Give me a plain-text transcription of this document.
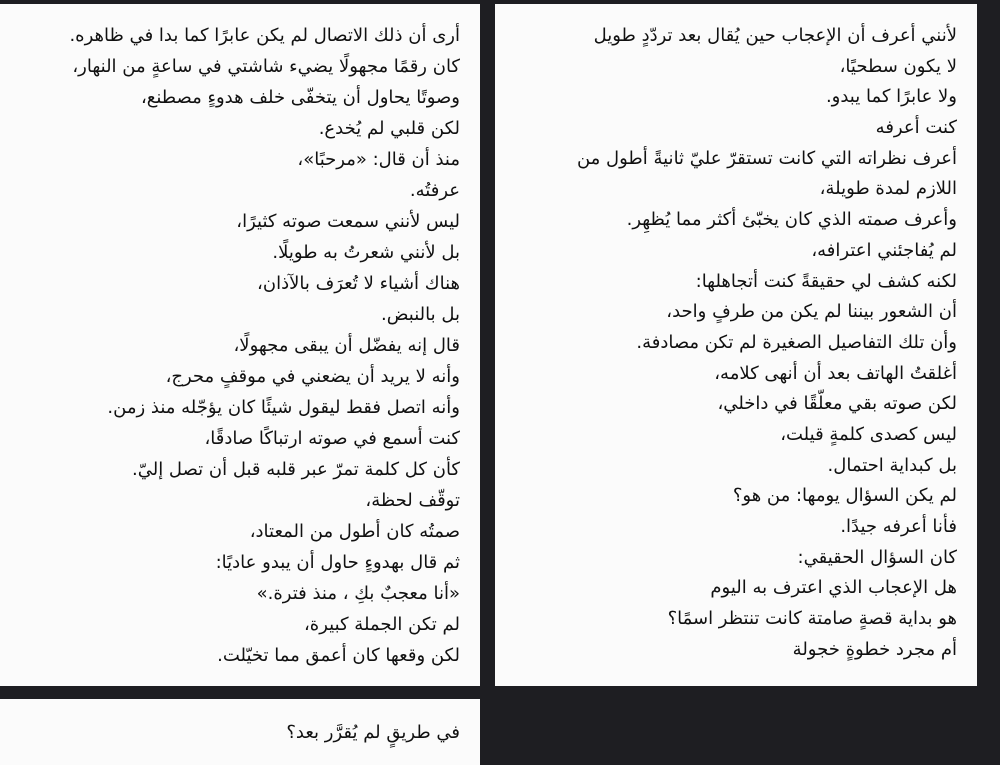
أرى أن ذلك الاتصال لم يكن عابرًا كما بدا في ظاهره.
كان رقمًا مجهولًا يضيء شاشتي في ساعةٍ من النهار،
وصوتًا يحاول أن يتخفّى خلف هدوءٍ مصطنع،
لكن قلبي لم يُخدع.
منذ أن قال: «مرحبًا»،
عرفتُه.
ليس لأنني سمعت صوته كثيرًا،
بل لأنني شعرتُ به طويلًا.
هناك أشياء لا تُعرَف بالآذان،
بل بالنبض.
قال إنه يفضّل أن يبقى مجهولًا،
وأنه لا يريد أن يضعني في موقفٍ محرج،
وأنه اتصل فقط ليقول شيئًا كان يؤجّله منذ زمن.
كنت أسمع في صوته ارتباكًا صادقًا،
كأن كل كلمة تمرّ عبر قلبه قبل أن تصل إليّ.
توقّف لحظة،
صمتُه كان أطول من المعتاد،
ثم قال بهدوءٍ حاول أن يبدو عاديًا:
«أنا معجبٌ بكِ ، منذ فترة.»
لم تكن الجملة كبيرة،
لكن وقعها كان أعمق مما تخيّلت.
لأنني أعرف أن الإعجاب حين يُقال بعد تردّدٍ طويل
لا يكون سطحيًا،
ولا عابرًا كما يبدو.
كنت أعرفه
أعرف نظراته التي كانت تستقرّ عليّ ثانيةً أطول من
اللازم لمدة طويلة،
وأعرف صمته الذي كان يخبّئ أكثر مما يُظهِر.
لم يُفاجئني اعترافه،
لكنه كشف لي حقيقةً كنت أتجاهلها:
أن الشعور بيننا لم يكن من طرفٍ واحد،
وأن تلك التفاصيل الصغيرة لم تكن مصادفة.
أغلقتُ الهاتف بعد أن أنهى كلامه،
لكن صوته بقي معلّقًا في داخلي،
ليس كصدى كلمةٍ قيلت،
بل كبداية احتمال.
لم يكن السؤال يومها: من هو؟
فأنا أعرفه جيدًا.
كان السؤال الحقيقي:
هل الإعجاب الذي اعترف به اليوم
هو بداية قصةٍ صامتة كانت تنتظر اسمًا؟
أم مجرد خطوةٍ خجولة
في طريقٍ لم يُقرَّر بعد؟
